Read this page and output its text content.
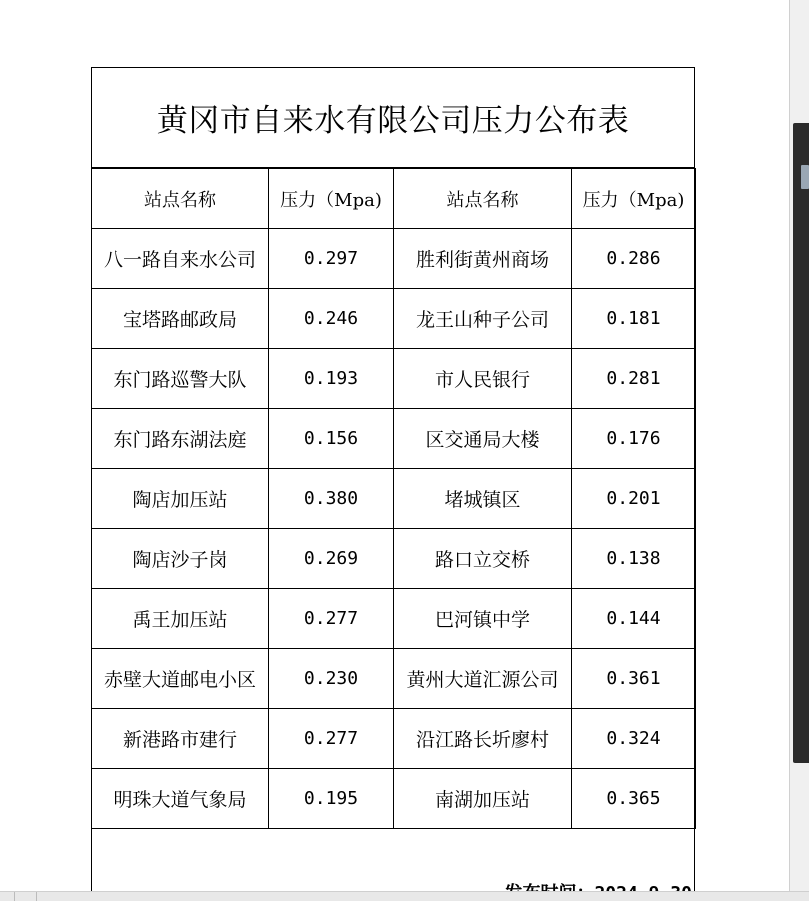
黄冈市自来水有限公司压力公布表
站点名称	压力（Mpa)	站点名称	压力（Mpa)
八一路自来水公司	0.297	胜利街黄州商场	0.286
宝塔路邮政局	0.246	龙王山种子公司	0.181
东门路巡警大队	0.193	市人民银行	0.281
东门路东湖法庭	0.156	区交通局大楼	0.176
陶店加压站	0.380	堵城镇区	0.201
陶店沙子岗	0.269	路口立交桥	0.138
禹王加压站	0.277	巴河镇中学	0.144
赤壁大道邮电小区	0.230	黄州大道汇源公司	0.361
新港路市建行	0.277	沿江路长圻廖村	0.324
明珠大道气象局	0.195	南湖加压站	0.365
